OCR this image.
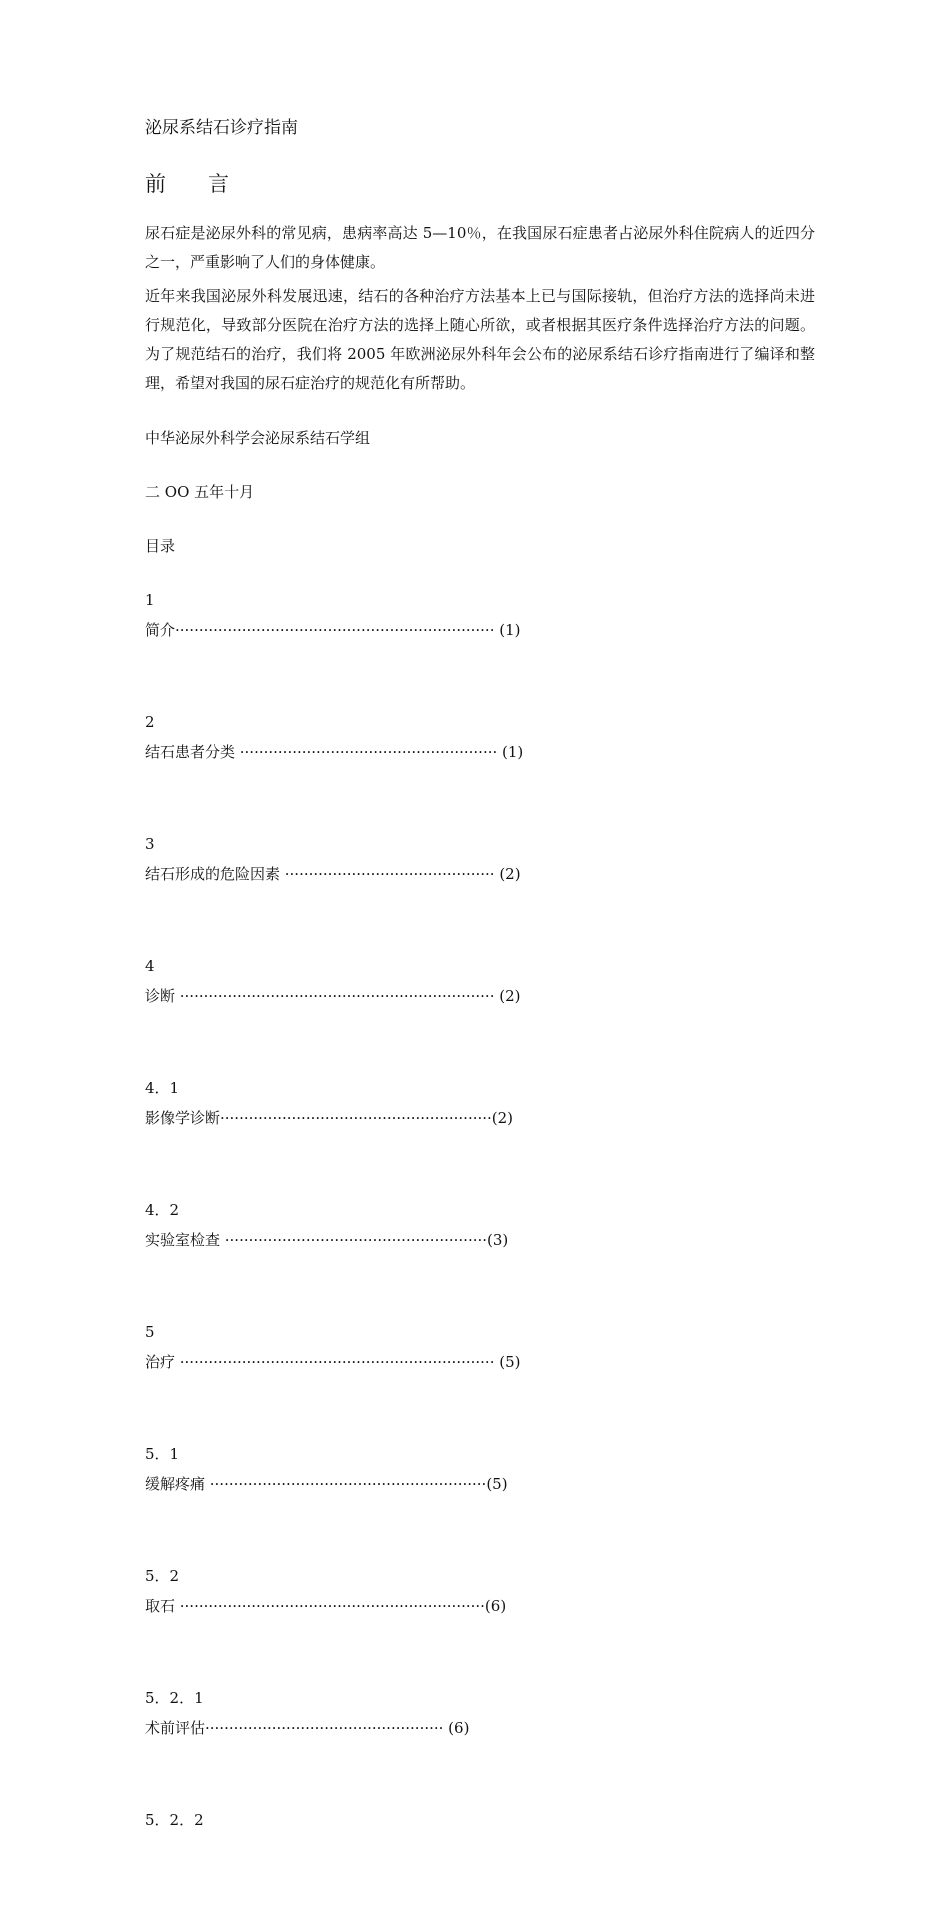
泌尿系结石诊疗指南
前言
尿石症是泌尿外科的常见病，患病率高达 5—10％，在我国尿石症患者占泌尿外科住院病人的近四分之一，严重影响了人们的身体健康。
近年来我国泌尿外科发展迅速，结石的各种治疗方法基本上已与国际接轨，但治疗方法的选择尚未进行规范化，导致部分医院在治疗方法的选择上随心所欲，或者根据其医疗条件选择治疗方法的问题。为了规范结石的治疗，我们将 2005 年欧洲泌尿外科年会公布的泌尿系结石诊疗指南进行了编译和整理，希望对我国的尿石症治疗的规范化有所帮助。
中华泌尿外科学会泌尿系结石学组
二 OO 五年十月
目录
1
简介··································································· (1)
2
结石患者分类 ······················································ (1)
3
结石形成的危险因素 ············································ (2)
4
诊断 ·································································· (2)
4．1
影像学诊断·························································(2)
4．2
实验室检查 ·······················································(3)
5
治疗 ·································································· (5)
5．1
缓解疼痛 ··························································(5)
5．2
取石 ································································(6)
5．2．1
术前评估·················································· (6)
5．2．2
